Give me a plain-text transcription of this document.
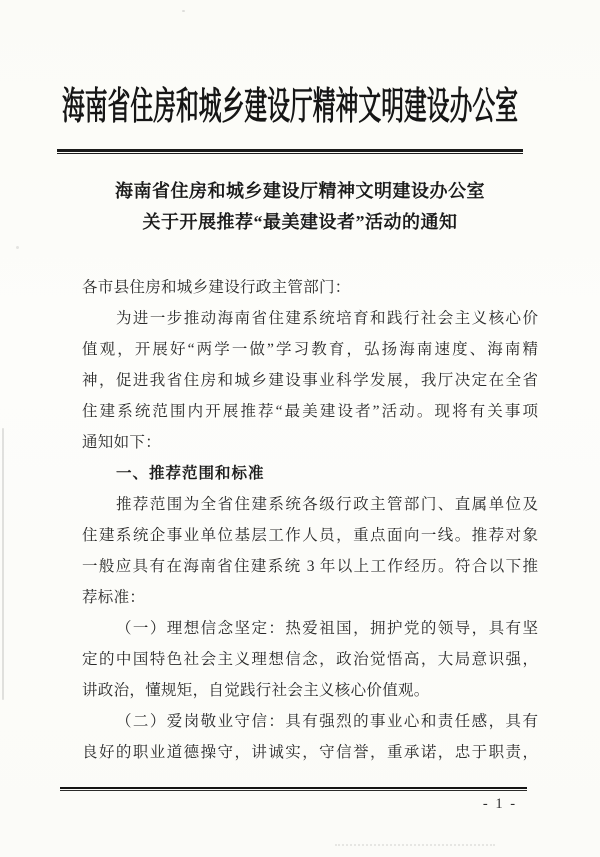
海南省住房和城乡建设厅精神文明建设办公室
海南省住房和城乡建设厅精神文明建设办公室
关于开展推荐“最美建设者”活动的通知
各市县住房和城乡建设行政主管部门：
为进一步推动海南省住建系统培育和践行社会主义核心价
值观，开展好“两学一做”学习教育，弘扬海南速度、海南精
神，促进我省住房和城乡建设事业科学发展，我厅决定在全省
住建系统范围内开展推荐“最美建设者”活动。现将有关事项
通知如下：
一、推荐范围和标准
推荐范围为全省住建系统各级行政主管部门、直属单位及
住建系统企事业单位基层工作人员，重点面向一线。推荐对象
一般应具有在海南省住建系统 3 年以上工作经历。符合以下推
荐标准：
（一）理想信念坚定：热爱祖国，拥护党的领导，具有坚
定的中国特色社会主义理想信念，政治觉悟高，大局意识强，
讲政治，懂规矩，自觉践行社会主义核心价值观。
（二）爱岗敬业守信：具有强烈的事业心和责任感，具有
良好的职业道德操守，讲诚实，守信誉，重承诺，忠于职责，
- 1 -
